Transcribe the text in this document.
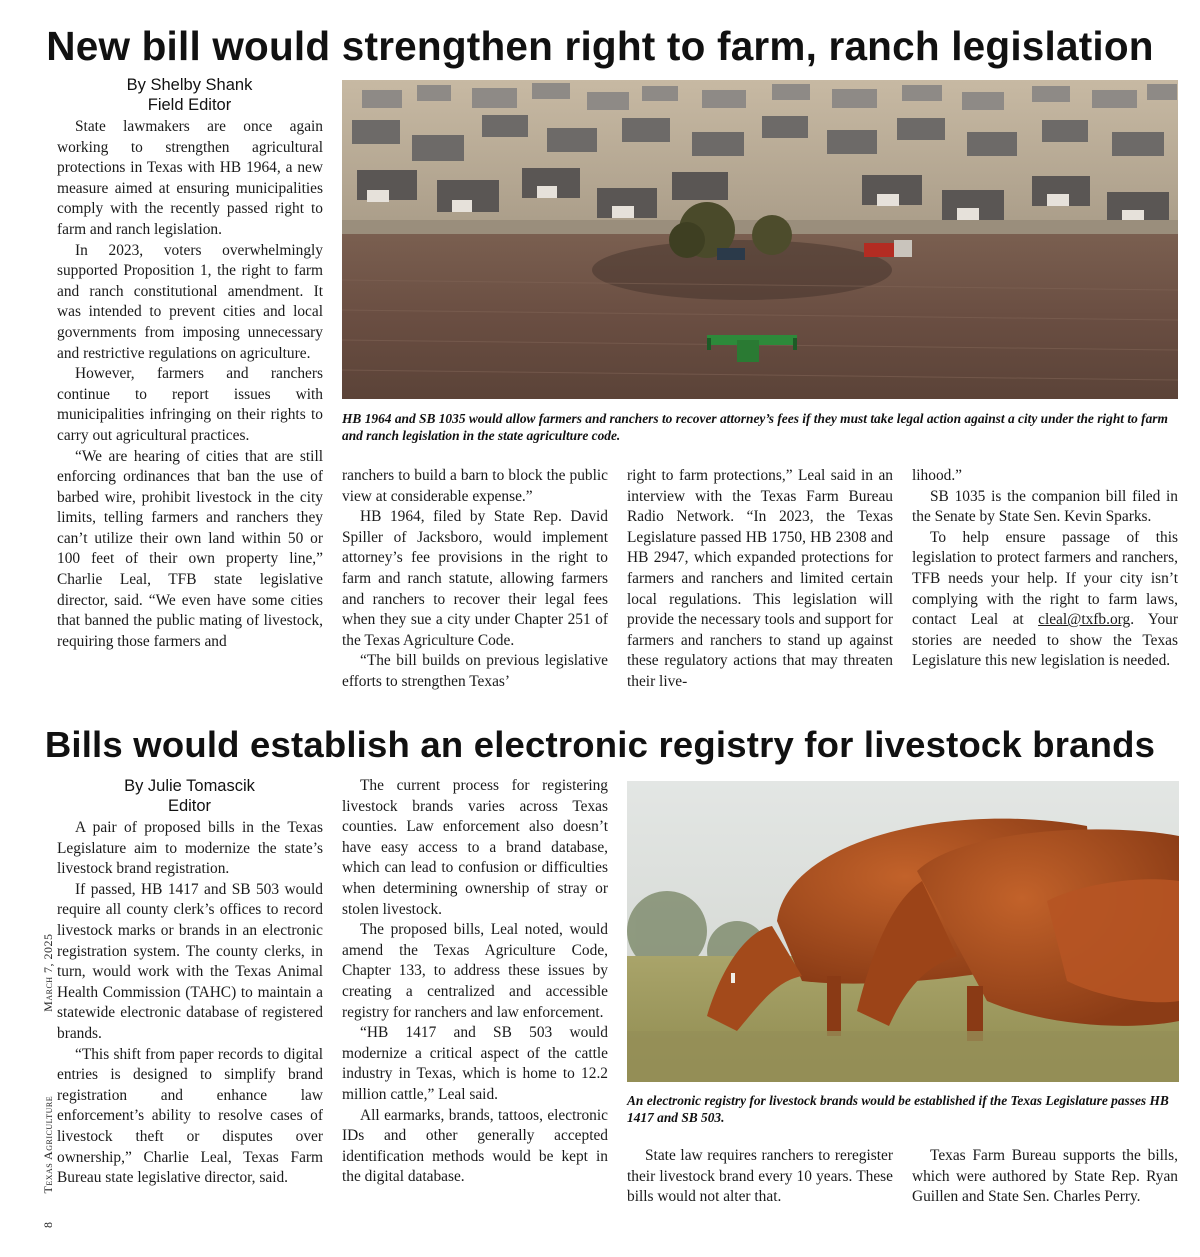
New bill would strengthen right to farm, ranch legislation
By Shelby Shank
Field Editor

State lawmakers are once again working to strengthen agricultural protections in Texas with HB 1964, a new measure aimed at ensuring municipalities comply with the recently passed right to farm and ranch legislation.

In 2023, voters overwhelmingly supported Proposition 1, the right to farm and ranch constitutional amendment. It was intended to prevent cities and local governments from imposing unnecessary and restrictive regulations on agriculture.

However, farmers and ranchers continue to report issues with municipalities infringing on their rights to carry out agricultural practices.

“We are hearing of cities that are still enforcing ordinances that ban the use of barbed wire, prohibit livestock in the city limits, telling farmers and ranchers they can’t utilize their own land within 50 or 100 feet of their own property line,” Charlie Leal, TFB state legislative director, said. “We even have some cities that banned the public mating of livestock, requiring those farmers and

HB 1964 and SB 1035 would allow farmers and ranchers to recover attorney’s fees if they must take legal action against a city under the right to farm and ranch legislation in the state agriculture code.

ranchers to build a barn to block the public view at considerable expense.”

HB 1964, filed by State Rep. David Spiller of Jacksboro, would implement attorney’s fee provisions in the right to farm and ranch statute, allowing farmers and ranchers to recover their legal fees when they sue a city under Chapter 251 of the Texas Agriculture Code.

“The bill builds on previous legislative efforts to strengthen Texas’

right to farm protections,” Leal said in an interview with the Texas Farm Bureau Radio Network. “In 2023, the Texas Legislature passed HB 1750, HB 2308 and HB 2947, which expanded protections for farmers and ranchers and limited certain local regulations. This legislation will provide the necessary tools and support for farmers and ranchers to stand up against these regulatory actions that may threaten their live-

lihood.”

SB 1035 is the companion bill filed in the Senate by State Sen. Kevin Sparks.

To help ensure passage of this legislation to protect farmers and ranchers, TFB needs your help. If your city isn’t complying with the right to farm laws, contact Leal at cleal@txfb.org. Your stories are needed to show the Texas Legislature this new legislation is needed.

Bills would establish an electronic registry for livestock brands
By Julie Tomascik
Editor

A pair of proposed bills in the Texas Legislature aim to modernize the state’s livestock brand registration.

If passed, HB 1417 and SB 503 would require all county clerk’s offices to record livestock marks or brands in an electronic registration system. The county clerks, in turn, would work with the Texas Animal Health Commission (TAHC) to maintain a statewide electronic database of registered brands.

“This shift from paper records to digital entries is designed to simplify brand registration and enhance law enforcement’s ability to resolve cases of livestock theft or disputes over ownership,” Charlie Leal, Texas Farm Bureau state legislative director, said.

The current process for registering livestock brands varies across Texas counties. Law enforcement also doesn’t have easy access to a brand database, which can lead to confusion or difficulties when determining ownership of stray or stolen livestock.

The proposed bills, Leal noted, would amend the Texas Agriculture Code, Chapter 133, to address these issues by creating a centralized and accessible registry for ranchers and law enforcement.

“HB 1417 and SB 503 would modernize a critical aspect of the cattle industry in Texas, which is home to 12.2 million cattle,” Leal said.

All earmarks, brands, tattoos, electronic IDs and other generally accepted identification methods would be kept in the digital database.

An electronic registry for livestock brands would be established if the Texas Legislature passes HB 1417 and SB 503.

State law requires ranchers to reregister their livestock brand every 10 years. These bills would not alter that.

Texas Farm Bureau supports the bills, which were authored by State Rep. Ryan Guillen and State Sen. Charles Perry.

8        Texas Agriculture                        March 7, 2025
